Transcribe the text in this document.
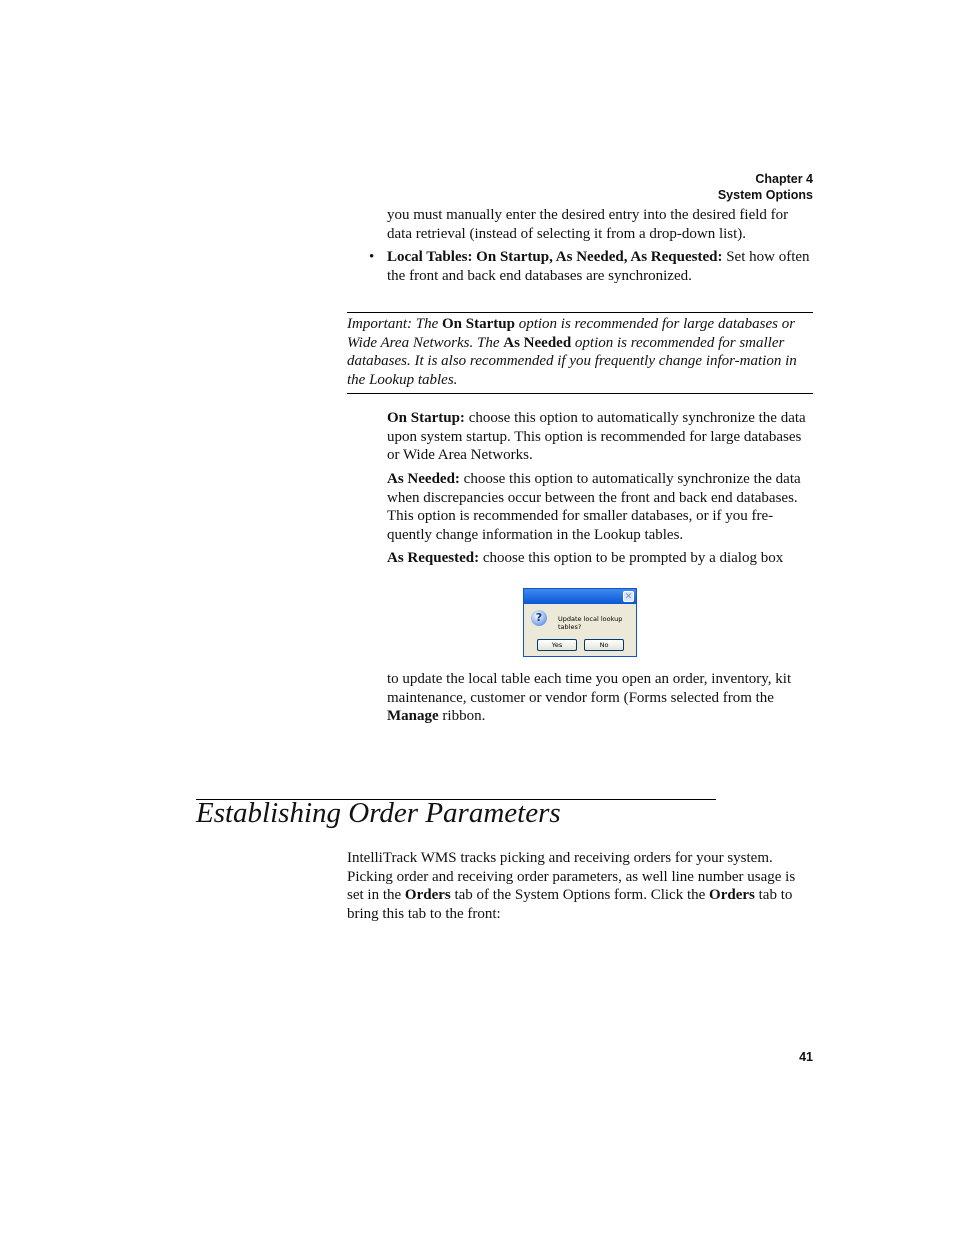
Chapter 4
System Options
you must manually enter the desired entry into the desired field for data retrieval (instead of selecting it from a drop-down list).
• Local Tables: On Startup, As Needed, As Requested: Set how often the front and back end databases are synchronized.
Important: The On Startup option is recommended for large databases or Wide Area Networks. The As Needed option is recommended for smaller databases. It is also recommended if you frequently change infor-mation in the Lookup tables.
On Startup: choose this option to automatically synchronize the data upon system startup. This option is recommended for large databases or Wide Area Networks.
As Needed: choose this option to automatically synchronize the data when discrepancies occur between the front and back end databases. This option is recommended for smaller databases, or if you fre-quently change information in the Lookup tables.
As Requested: choose this option to be prompted by a dialog box
✕
?	Update local lookup tables?
Yes	No
to update the local table each time you open an order, inventory, kit maintenance, customer or vendor form (Forms selected from the Manage ribbon.
Establishing Order Parameters
IntelliTrack WMS tracks picking and receiving orders for your system. Picking order and receiving order parameters, as well line number usage is set in the Orders tab of the System Options form. Click the Orders tab to bring this tab to the front:
41
